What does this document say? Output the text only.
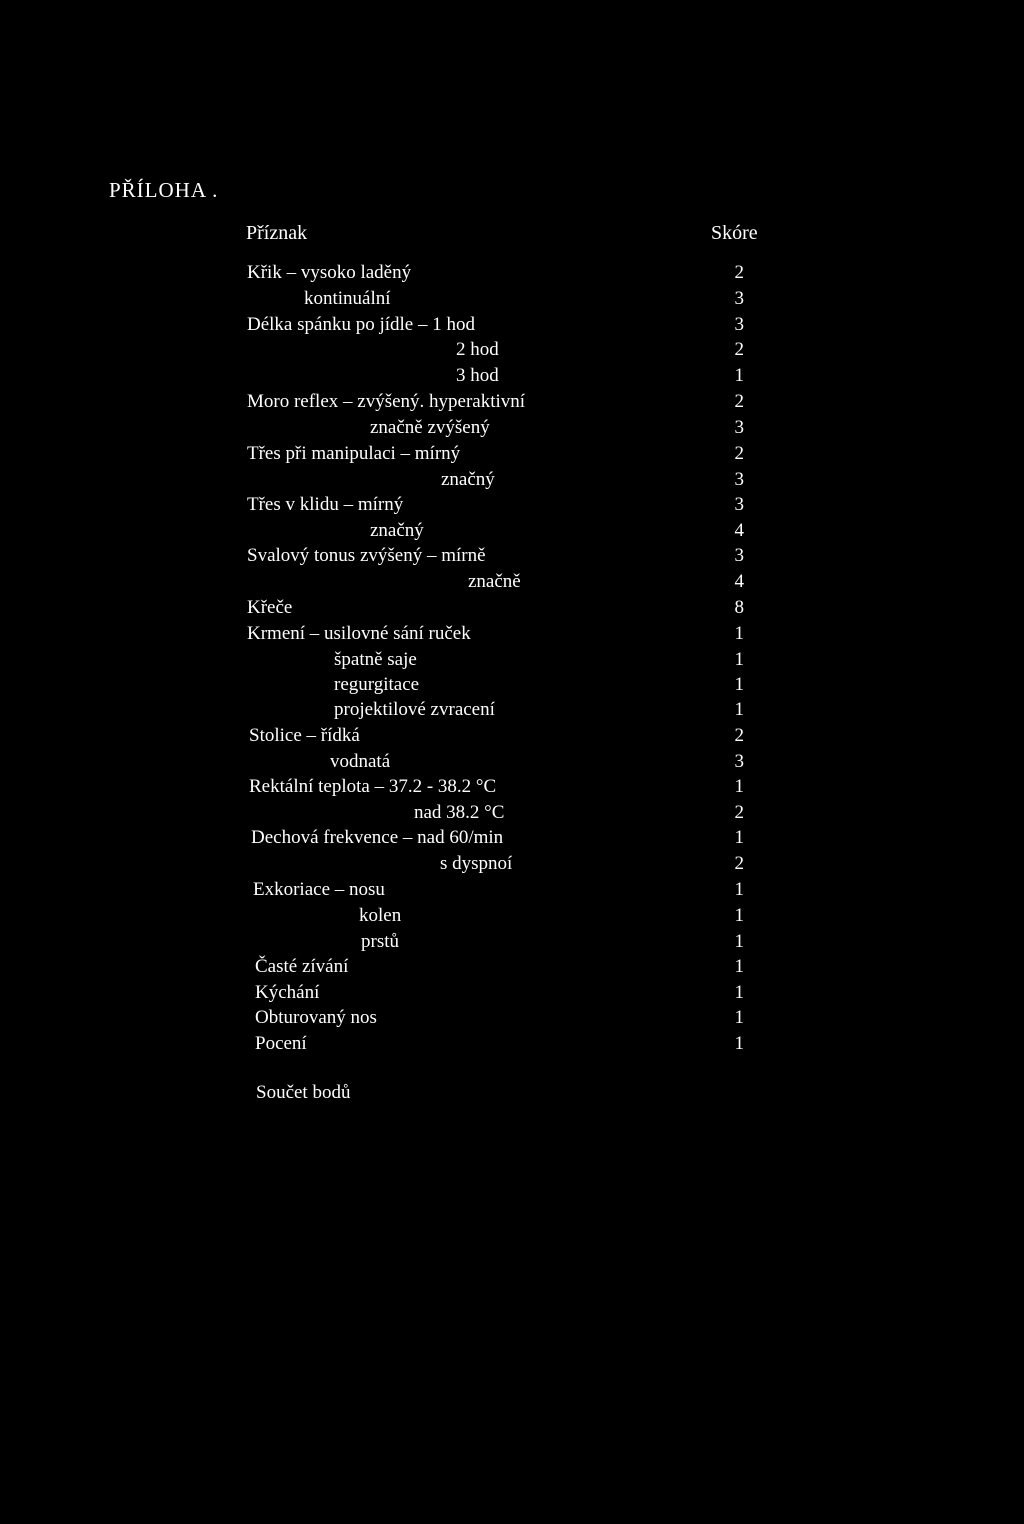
PŘÍLOHA .
Příznak	Skóre
Křik – vysoko laděný	2
kontinuální	3
Délka spánku po jídle – 1 hod	3
2 hod	2
3 hod	1
Moro reflex – zvýšený. hyperaktivní	2
značně zvýšený	3
Třes při manipulaci – mírný	2
značný	3
Třes v klidu – mírný	3
značný	4
Svalový tonus zvýšený – mírně	3
značně	4
Křeče	8
Krmení – usilovné sání ruček	1
špatně saje	1
regurgitace	1
projektilové zvracení	1
Stolice – řídká	2
vodnatá	3
Rektální teplota – 37.2 - 38.2 °C	1
nad 38.2 °C	2
Dechová frekvence – nad 60/min	1
s dyspnoí	2
Exkoriace – nosu	1
kolen	1
prstů	1
Časté zívání	1
Kýchání	1
Obturovaný nos	1
Pocení	1
Součet bodů
